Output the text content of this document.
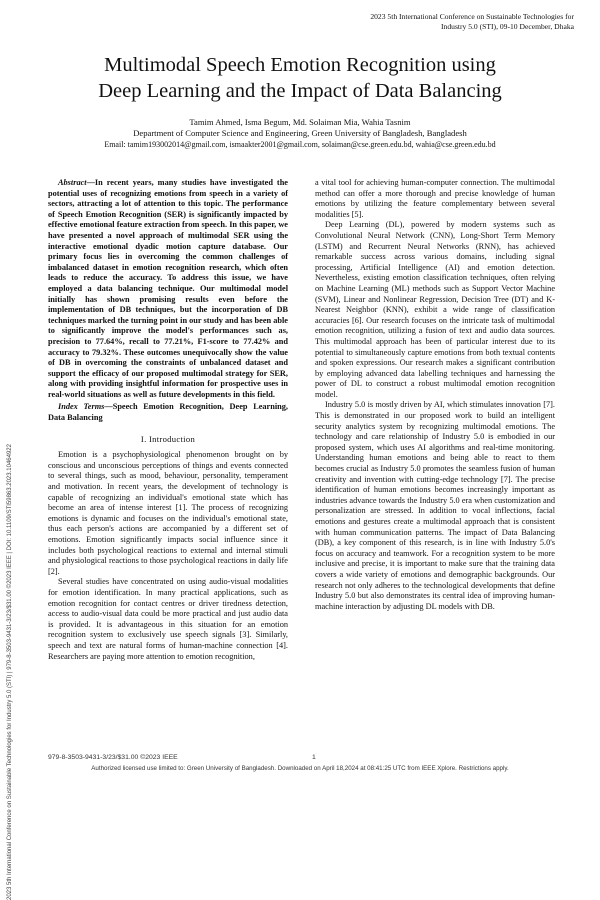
2023 5th International Conference on Sustainable Technologies for
Industry 5.0 (STI), 09-10 December, Dhaka
Multimodal Speech Emotion Recognition using
Deep Learning and the Impact of Data Balancing
Tamim Ahmed, Isma Begum, Md. Solaiman Mia, Wahia Tasnim
Department of Computer Science and Engineering, Green University of Bangladesh, Bangladesh
Email: tamim193002014@gmail.com, ismaakter2001@gmail.com, solaiman@cse.green.edu.bd, wahia@cse.green.edu.bd
2023 5th International Conference on Sustainable Technologies for Industry 5.0 (STI) | 979-8-3503-9431-3/23/$31.00 ©2023 IEEE | DOI: 10.1109/STI59863.2023.10464922

Abstract—In recent years, many studies have investigated the potential uses of recognizing emotions from speech in a variety of sectors, attracting a lot of attention to this topic. The performance of Speech Emotion Recognition (SER) is significantly impacted by effective emotional feature extraction from speech. In this paper, we have presented a novel approach of multimodal SER using the interactive emotional dyadic motion capture database. Our primary focus lies in overcoming the common challenges of imbalanced dataset in emotion recognition research, which often leads to reduce the accuracy. To address this issue, we have employed a data balancing technique. Our multimodal model initially has shown promising results even before the implementation of DB techniques, but the incorporation of DB techniques marked the turning point in our study and has been able to significantly improve the model's performances such as, precision to 77.64%, recall to 77.21%, F1-score to 77.42% and accuracy to 79.32%. These outcomes unequivocally show the value of DB in overcoming the constraints of unbalanced dataset and support the efficacy of our proposed multimodal strategy for SER, along with providing insightful information for prospective uses in real-world situations as well as future developments in this field.

Index Terms—Speech Emotion Recognition, Deep Learning, Data Balancing

I. Introduction

Emotion is a psychophysiological phenomenon brought on by conscious and unconscious perceptions of things and events connected to several things, such as mood, behaviour, personality, temperament and motivation. In recent years, the development of technology is capable of recognizing an individual's emotional state which has become an area of intense interest [1]. The process of recognizing emotions is dynamic and focuses on the individual's emotional state, thus each person's actions are accompanied by a different set of emotions. Emotion significantly impacts social influence since it includes both psychological reactions to external and internal stimuli and physiological reactions to those psychological reactions in daily life [2].

Several studies have concentrated on using audio-visual modalities for emotion identification. In many practical applications, such as emotion recognition for contact centres or driver tiredness detection, access to audio-visual data could be more practical and just audio data is provided. It is advantageous in this situation for an emotion recognition system to exclusively use speech signals [3]. Similarly, speech and text are natural forms of human-machine connection [4]. Researchers are paying more attention to emotion recognition,

a vital tool for achieving human-computer connection. The multimodal method can offer a more thorough and precise knowledge of human emotions by utilizing the feature complementary between several modalities [5].

Deep Learning (DL), powered by modern systems such as Convolutional Neural Network (CNN), Long-Short Term Memory (LSTM) and Recurrent Neural Networks (RNN), has achieved remarkable success across various domains, including signal processing, Artificial Intelligence (AI) and emotion detection. Nevertheless, existing emotion classification techniques, often relying on Machine Learning (ML) methods such as Support Vector Machine (SVM), Linear and Nonlinear Regression, Decision Tree (DT) and K-Nearest Neighbor (KNN), exhibit a wide range of classification accuracies [6]. Our research focuses on the intricate task of multimodal emotion recognition, utilizing a fusion of text and audio data sources. This multimodal approach has been of particular interest due to its potential to simultaneously capture emotions from both textual contents and spoken expressions. Our research makes a significant contribution by employing advanced data labelling techniques and harnessing the power of DL to construct a robust multimodal emotion recognition model.

Industry 5.0 is mostly driven by AI, which stimulates innovation [7]. This is demonstrated in our proposed work to build an intelligent security analytics system by recognizing multimodal emotions. The technology and care relationship of Industry 5.0 is embodied in our proposed system, which uses AI algorithms and real-time monitoring. Understanding human emotions and being able to react to them becomes crucial as Industry 5.0 promotes the seamless fusion of human creativity and invention with cutting-edge technology [7]. The precise identification of human emotions becomes increasingly important as industries advance towards the Industry 5.0 era when customization and personalization are stressed. In addition to vocal inflections, facial emotions and gestures create a multimodal approach that is consistent with human communication patterns. The impact of Data Balancing (DB), a key component of this research, is in line with Industry 5.0's focus on accuracy and teamwork. For a recognition system to be more inclusive and precise, it is important to make sure that the training data covers a wide variety of emotions and demographic backgrounds. Our research not only adheres to the technological developments that define Industry 5.0 but also demonstrates its central idea of improving human-machine interaction by adjusting DL models with DB.

979-8-3503-9431-3/23/$31.00 ©2023 IEEE	1
Authorized licensed use limited to: Green University of Bangladesh. Downloaded on April 18,2024 at 08:41:25 UTC from IEEE Xplore. Restrictions apply.
